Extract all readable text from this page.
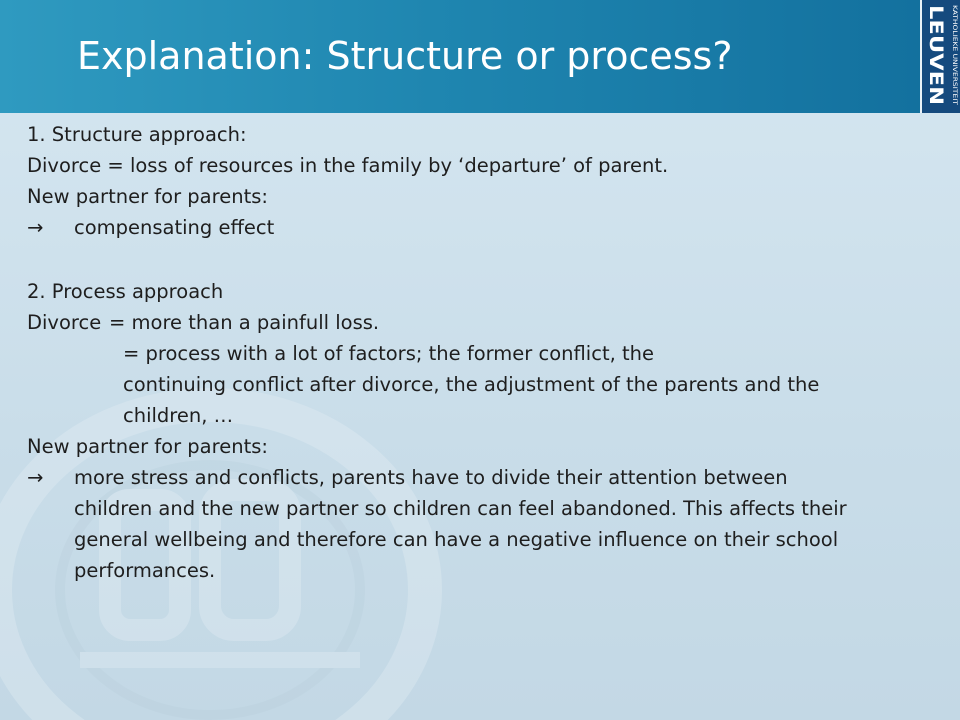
Explanation: Structure or process?	LEUVEN KATHOLIEKE UNIVERSITEIT
1. Structure approach:
Divorce = loss of resources in the family by ‘departure’ of parent.
New partner for parents:
→	compensating effect
2. Process approach
Divorce = more than a painfull loss.
= process with a lot of factors; the former conflict, the
continuing conflict after divorce, the adjustment of the parents and the
children, …
New partner for parents:
→	more stress and conflicts, parents have to divide their attention between
children and the new partner so children can feel abandoned. This affects their
general wellbeing and therefore can have a negative influence on their school
performances.
